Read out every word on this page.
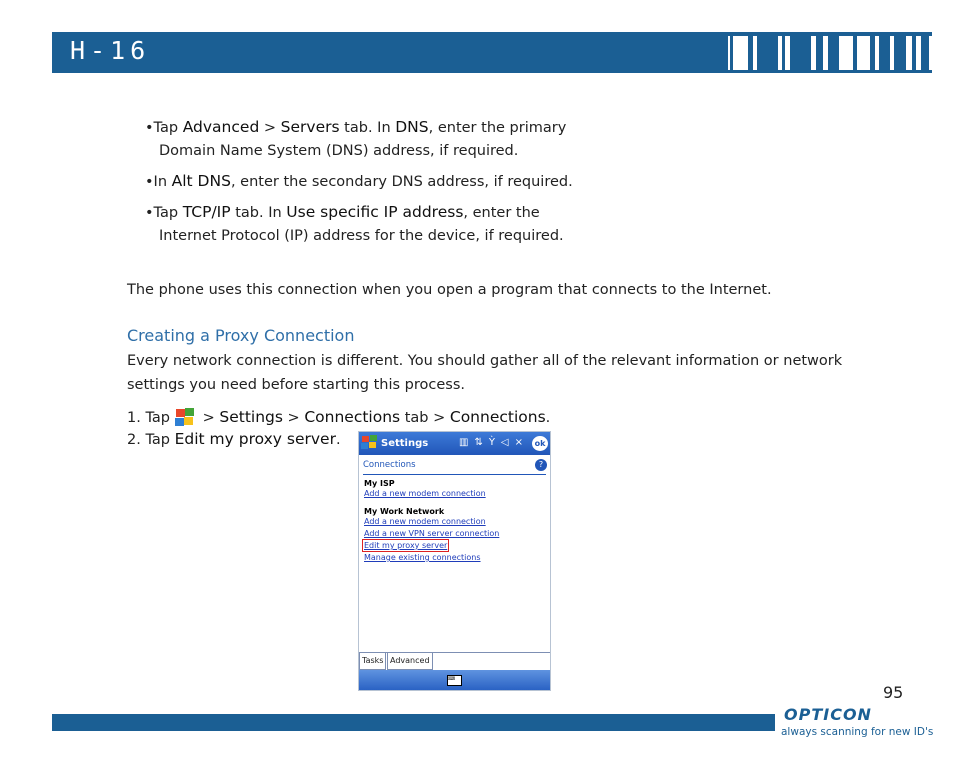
H-16
•Tap Advanced > Servers tab. In DNS, enter the primary
Domain Name System (DNS) address, if required.
•In Alt DNS, enter the secondary DNS address, if required.
•Tap TCP/IP tab. In Use specific IP address, enter the
Internet Protocol (IP) address for the device, if required.
The phone uses this connection when you open a program that connects to the Internet.
Creating a Proxy Connection
Every network connection is different. You should gather all of the relevant information or network
settings you need before starting this process.
1. Tap
> Settings > Connections tab > Connections.
2. Tap Edit my proxy server.	Settings	▥⇅Ỳ◁× ok
Connections	?
My ISP
Add a new modem connection
My Work Network
Add a new modem connection
Add a new VPN server connection
Edit my proxy server
Manage existing connections
Tasks Advanced
⌨
95
OPTICON
always scanning for new ID's
